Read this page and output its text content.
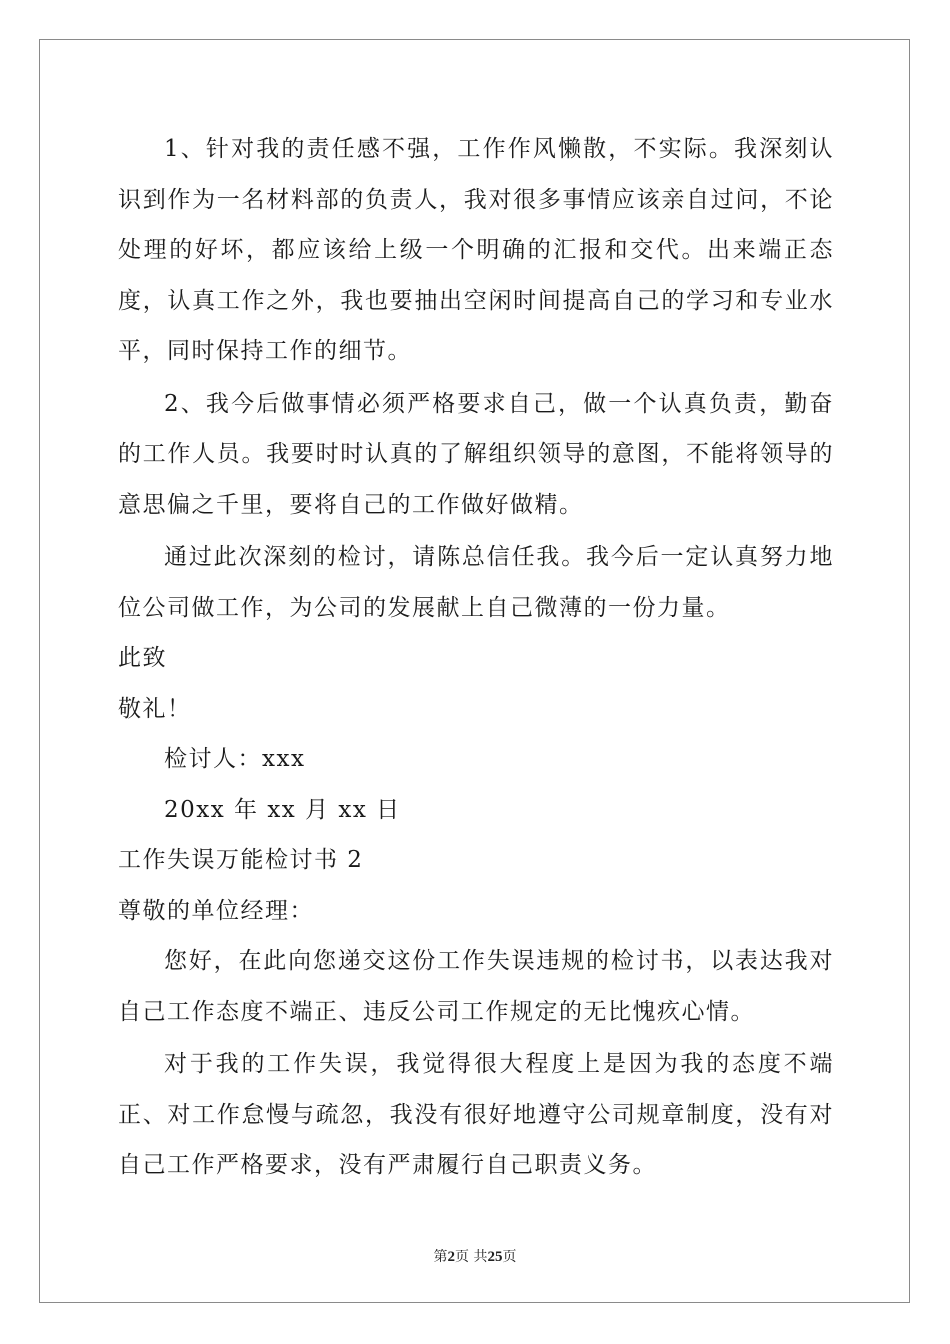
1、针对我的责任感不强，工作作风懒散，不实际。我深刻认识到作为一名材料部的负责人，我对很多事情应该亲自过问，不论处理的好坏，都应该给上级一个明确的汇报和交代。出来端正态度，认真工作之外，我也要抽出空闲时间提高自己的学习和专业水平，同时保持工作的细节。

2、我今后做事情必须严格要求自己，做一个认真负责，勤奋的工作人员。我要时时认真的了解组织领导的意图，不能将领导的意思偏之千里，要将自己的工作做好做精。

通过此次深刻的检讨，请陈总信任我。我今后一定认真努力地位公司做工作，为公司的发展献上自己微薄的一份力量。

此致

敬礼！

检讨人：xxx

20xx 年 xx 月 xx 日

工作失误万能检讨书 2

尊敬的单位经理：

您好，在此向您递交这份工作失误违规的检讨书，以表达我对自己工作态度不端正、违反公司工作规定的无比愧疚心情。

对于我的工作失误，我觉得很大程度上是因为我的态度不端正、对工作怠慢与疏忽，我没有很好地遵守公司规章制度，没有对自己工作严格要求，没有严肃履行自己职责义务。

第2页 共25页
